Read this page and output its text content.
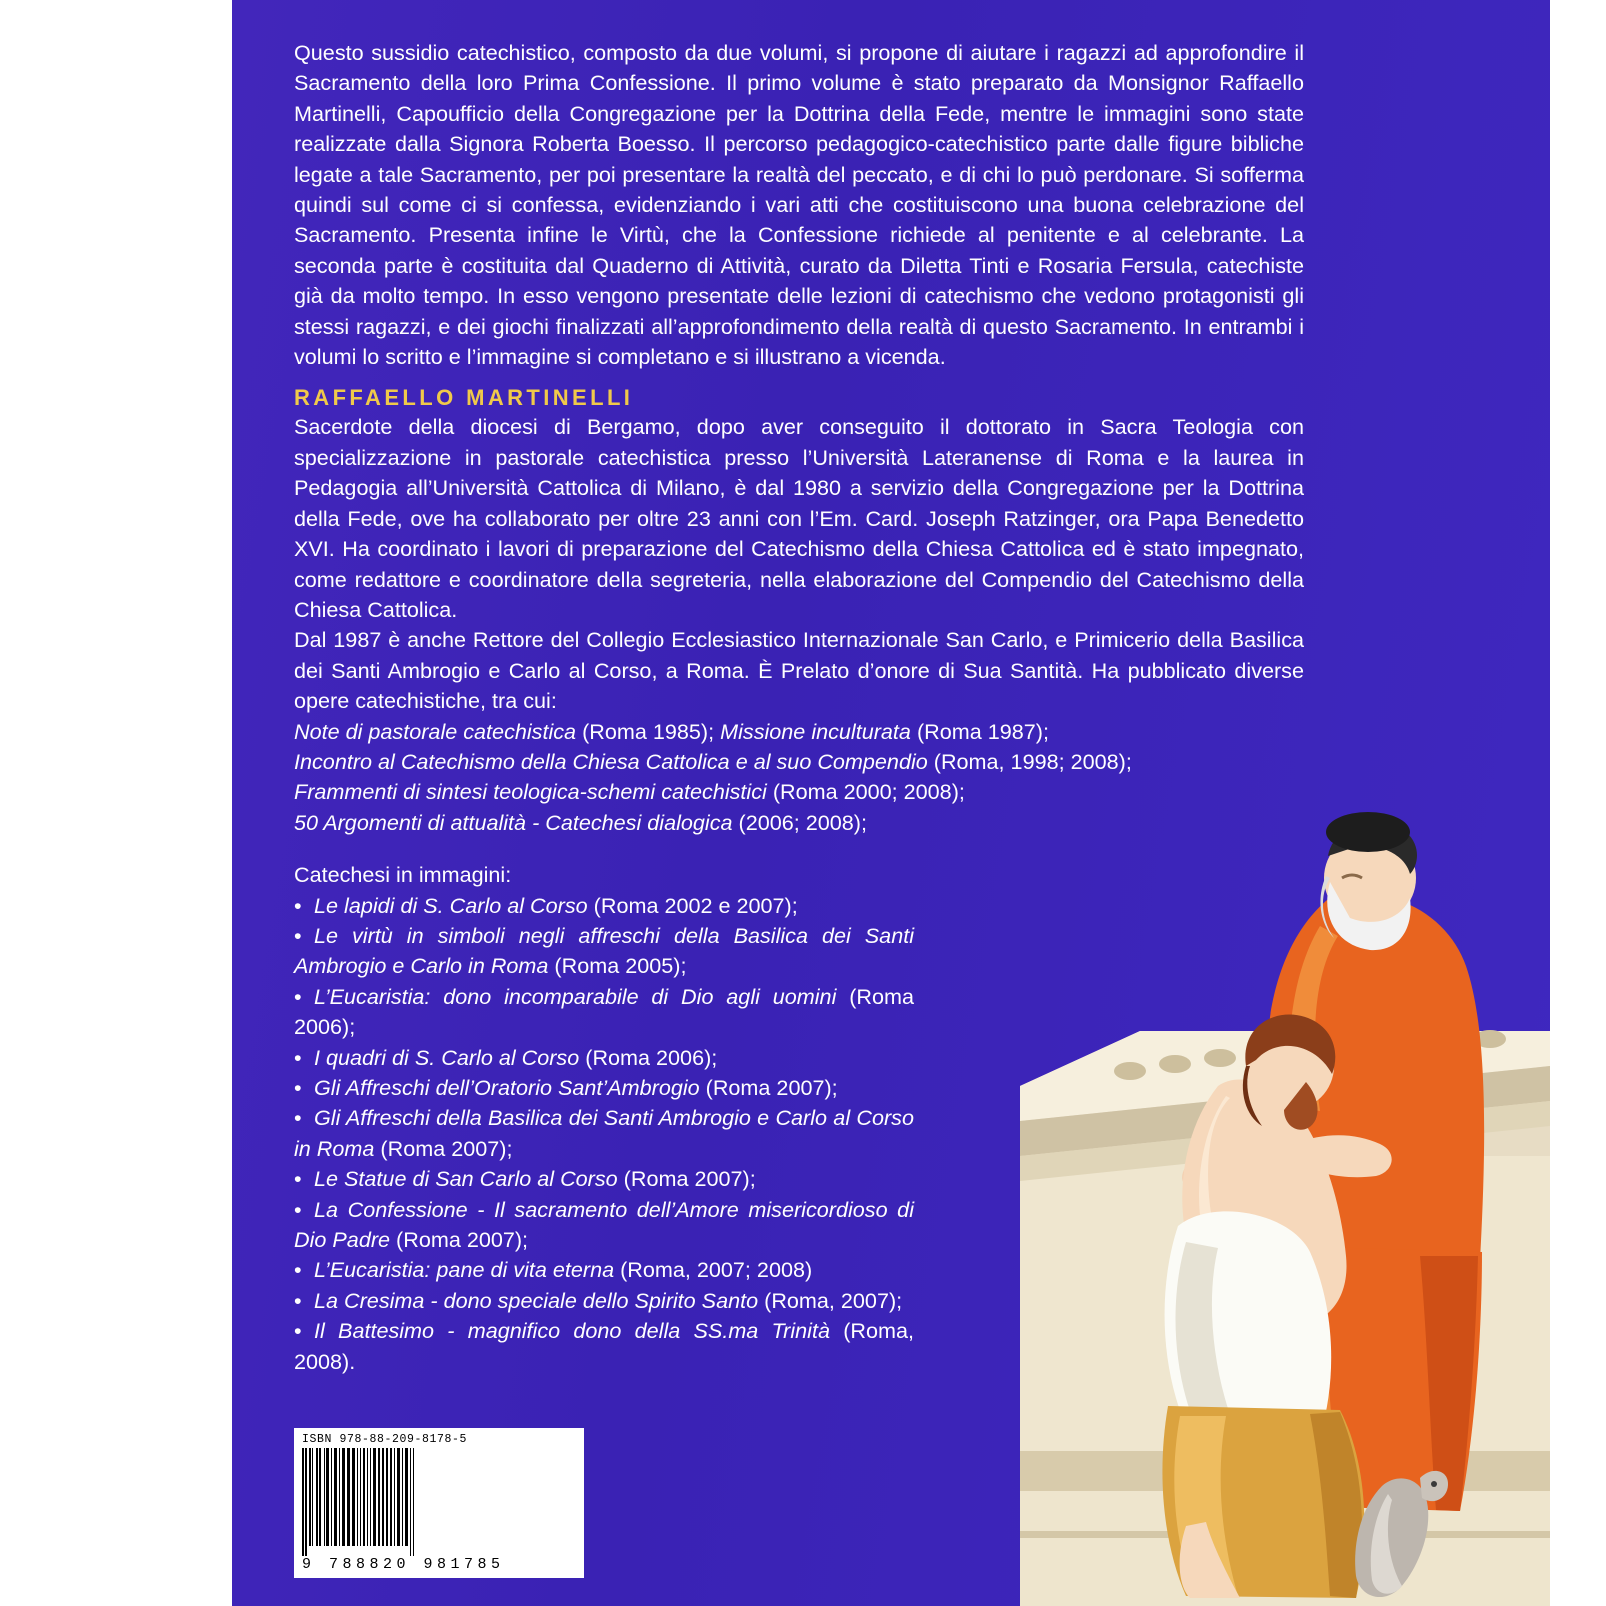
Questo sussidio catechistico, composto da due volumi, si propone di aiutare i ragazzi ad approfondire il Sacramento della loro Prima Confessione. Il primo volume è stato preparato da Monsignor Raffaello Martinelli, Capoufficio della Congregazione per la Dottrina della Fede, mentre le immagini sono state realizzate dalla Signora Roberta Boesso. Il percorso pedagogico-catechistico parte dalle figure bibliche legate a tale Sacramento, per poi presentare la realtà del peccato, e di chi lo può perdonare. Si sofferma quindi sul come ci si confessa, evidenziando i vari atti che costituiscono una buona celebrazione del Sacramento. Presenta infine le Virtù, che la Confessione richiede al penitente e al celebrante. La seconda parte è costituita dal Quaderno di Attività, curato da Diletta Tinti e Rosaria Fersula, catechiste già da molto tempo. In esso vengono presentate delle lezioni di catechismo che vedono protagonisti gli stessi ragazzi, e dei giochi finalizzati all’approfondimento della realtà di questo Sacramento. In entrambi i volumi lo scritto e l’immagine si completano e si illustrano a vicenda.

RAFFAELLO MARTINELLI

Sacerdote della diocesi di Bergamo, dopo aver conseguito il dottorato in Sacra Teologia con specializzazione in pastorale catechistica presso l’Università Lateranense di Roma e la laurea in Pedagogia all’Università Cattolica di Milano, è dal 1980 a servizio della Congregazione per la Dottrina della Fede, ove ha collaborato per oltre 23 anni con l’Em. Card. Joseph Ratzinger, ora Papa Benedetto XVI. Ha coordinato i lavori di preparazione del Catechismo della Chiesa Cattolica ed è stato impegnato, come redattore e coordinatore della segreteria, nella elaborazione del Compendio del Catechismo della Chiesa Cattolica.

Dal 1987 è anche Rettore del Collegio Ecclesiastico Internazionale San Carlo, e Primicerio della Basilica dei Santi Ambrogio e Carlo al Corso, a Roma. È Prelato d’onore di Sua Santità. Ha pubblicato diverse opere catechistiche, tra cui:

Note di pastorale catechistica (Roma 1985); Missione inculturata (Roma 1987);

Incontro al Catechismo della Chiesa Cattolica e al suo Compendio (Roma, 1998; 2008);

Frammenti di sintesi teologica-schemi catechistici (Roma 2000; 2008);

50 Argomenti di attualità - Catechesi dialogica (2006; 2008);

Catechesi in immagini:

• Le lapidi di S. Carlo al Corso (Roma 2002 e 2007);

• Le virtù in simboli negli affreschi della Basilica dei Santi Ambrogio e Carlo in Roma (Roma 2005);

• L’Eucaristia: dono incomparabile di Dio agli uomini (Roma 2006);

• I quadri di S. Carlo al Corso (Roma 2006);

• Gli Affreschi dell’Oratorio Sant’Ambrogio (Roma 2007);

• Gli Affreschi della Basilica dei Santi Ambrogio e Carlo al Corso in Roma (Roma 2007);

• Le Statue di San Carlo al Corso (Roma 2007);

• La Confessione - Il sacramento dell’Amore misericordioso di Dio Padre (Roma 2007);

• L’Eucaristia: pane di vita eterna (Roma, 2007; 2008)

• La Cresima - dono speciale dello Spirito Santo (Roma, 2007);

• Il Battesimo - magnifico dono della SS.ma Trinità (Roma, 2008).

ISBN 978-88-209-8178-5
9 788820 981785
